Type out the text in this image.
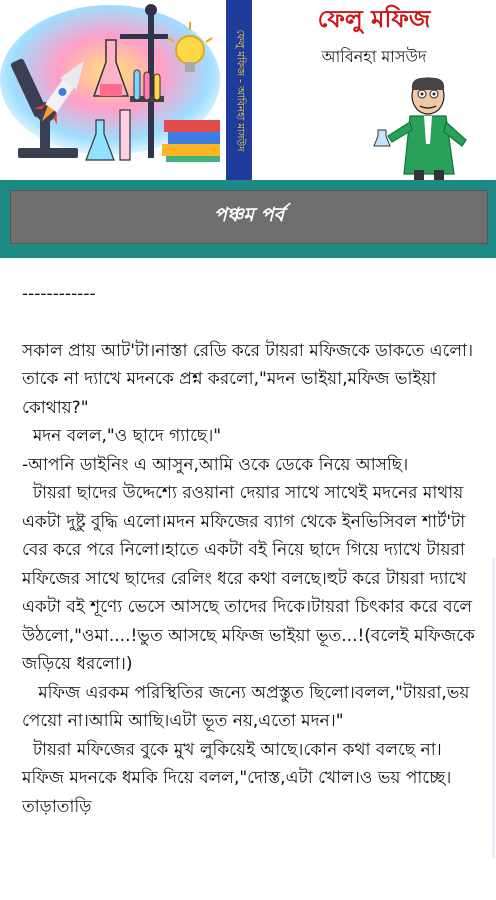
ফেলু মফিজ - আবিনহা মাসউদ
ফেলু মফিজ
আবিনহা মাসউদ
পঞ্চম পর্ব

------------

সকাল প্রায় আট'টা।নাস্তা রেডি করে টায়রা মফিজকে ডাকতে এলো।তাকে না দ্যাখে মদনকে প্রশ্ন করলো,"মদন ভাইয়া,মফিজ ভাইয়া কোথায়?"

মদন বলল,"ও ছাদে গ্যাছে।"

-আপনি ডাইনিং এ আসুন,আমি ওকে ডেকে নিয়ে আসছি।

টায়রা ছাদের উদ্দেশ্যে রওয়ানা দেয়ার সাথে সাথেই মদনের মাথায় একটা দুষ্টু বুদ্ধি এলো।মদন মফিজের ব্যাগ থেকে ইনভিসিবল শার্ট'টা বের করে পরে নিলো।হাতে একটা বই নিয়ে ছাদে গিয়ে দ্যাখে টায়রা মফিজের সাথে ছাদের রেলিং ধরে কথা বলছে।হুট করে টায়রা দ্যাখে একটা বই শূণ্যে ভেসে আসছে তাদের দিকে।টায়রা চিৎকার করে বলে উঠলো,"ওমা....!ভুত আসছে মফিজ ভাইয়া ভূত...!(বলেই মফিজকে জড়িয়ে ধরলো।)

মফিজ এরকম পরিস্থিতির জন্যে অপ্রস্তুত ছিলো।বলল,"টায়রা,ভয় পেয়ো না।আমি আছি।এটা ভূত নয়,এতো মদন।"

টায়রা মফিজের বুকে মুখ লুকিয়েই আছে।কোন কথা বলছে না।মফিজ মদনকে ধমকি দিয়ে বলল,"দোস্ত,এটা খোল।ও ভয় পাচ্ছে।তাড়াতাড়ি
